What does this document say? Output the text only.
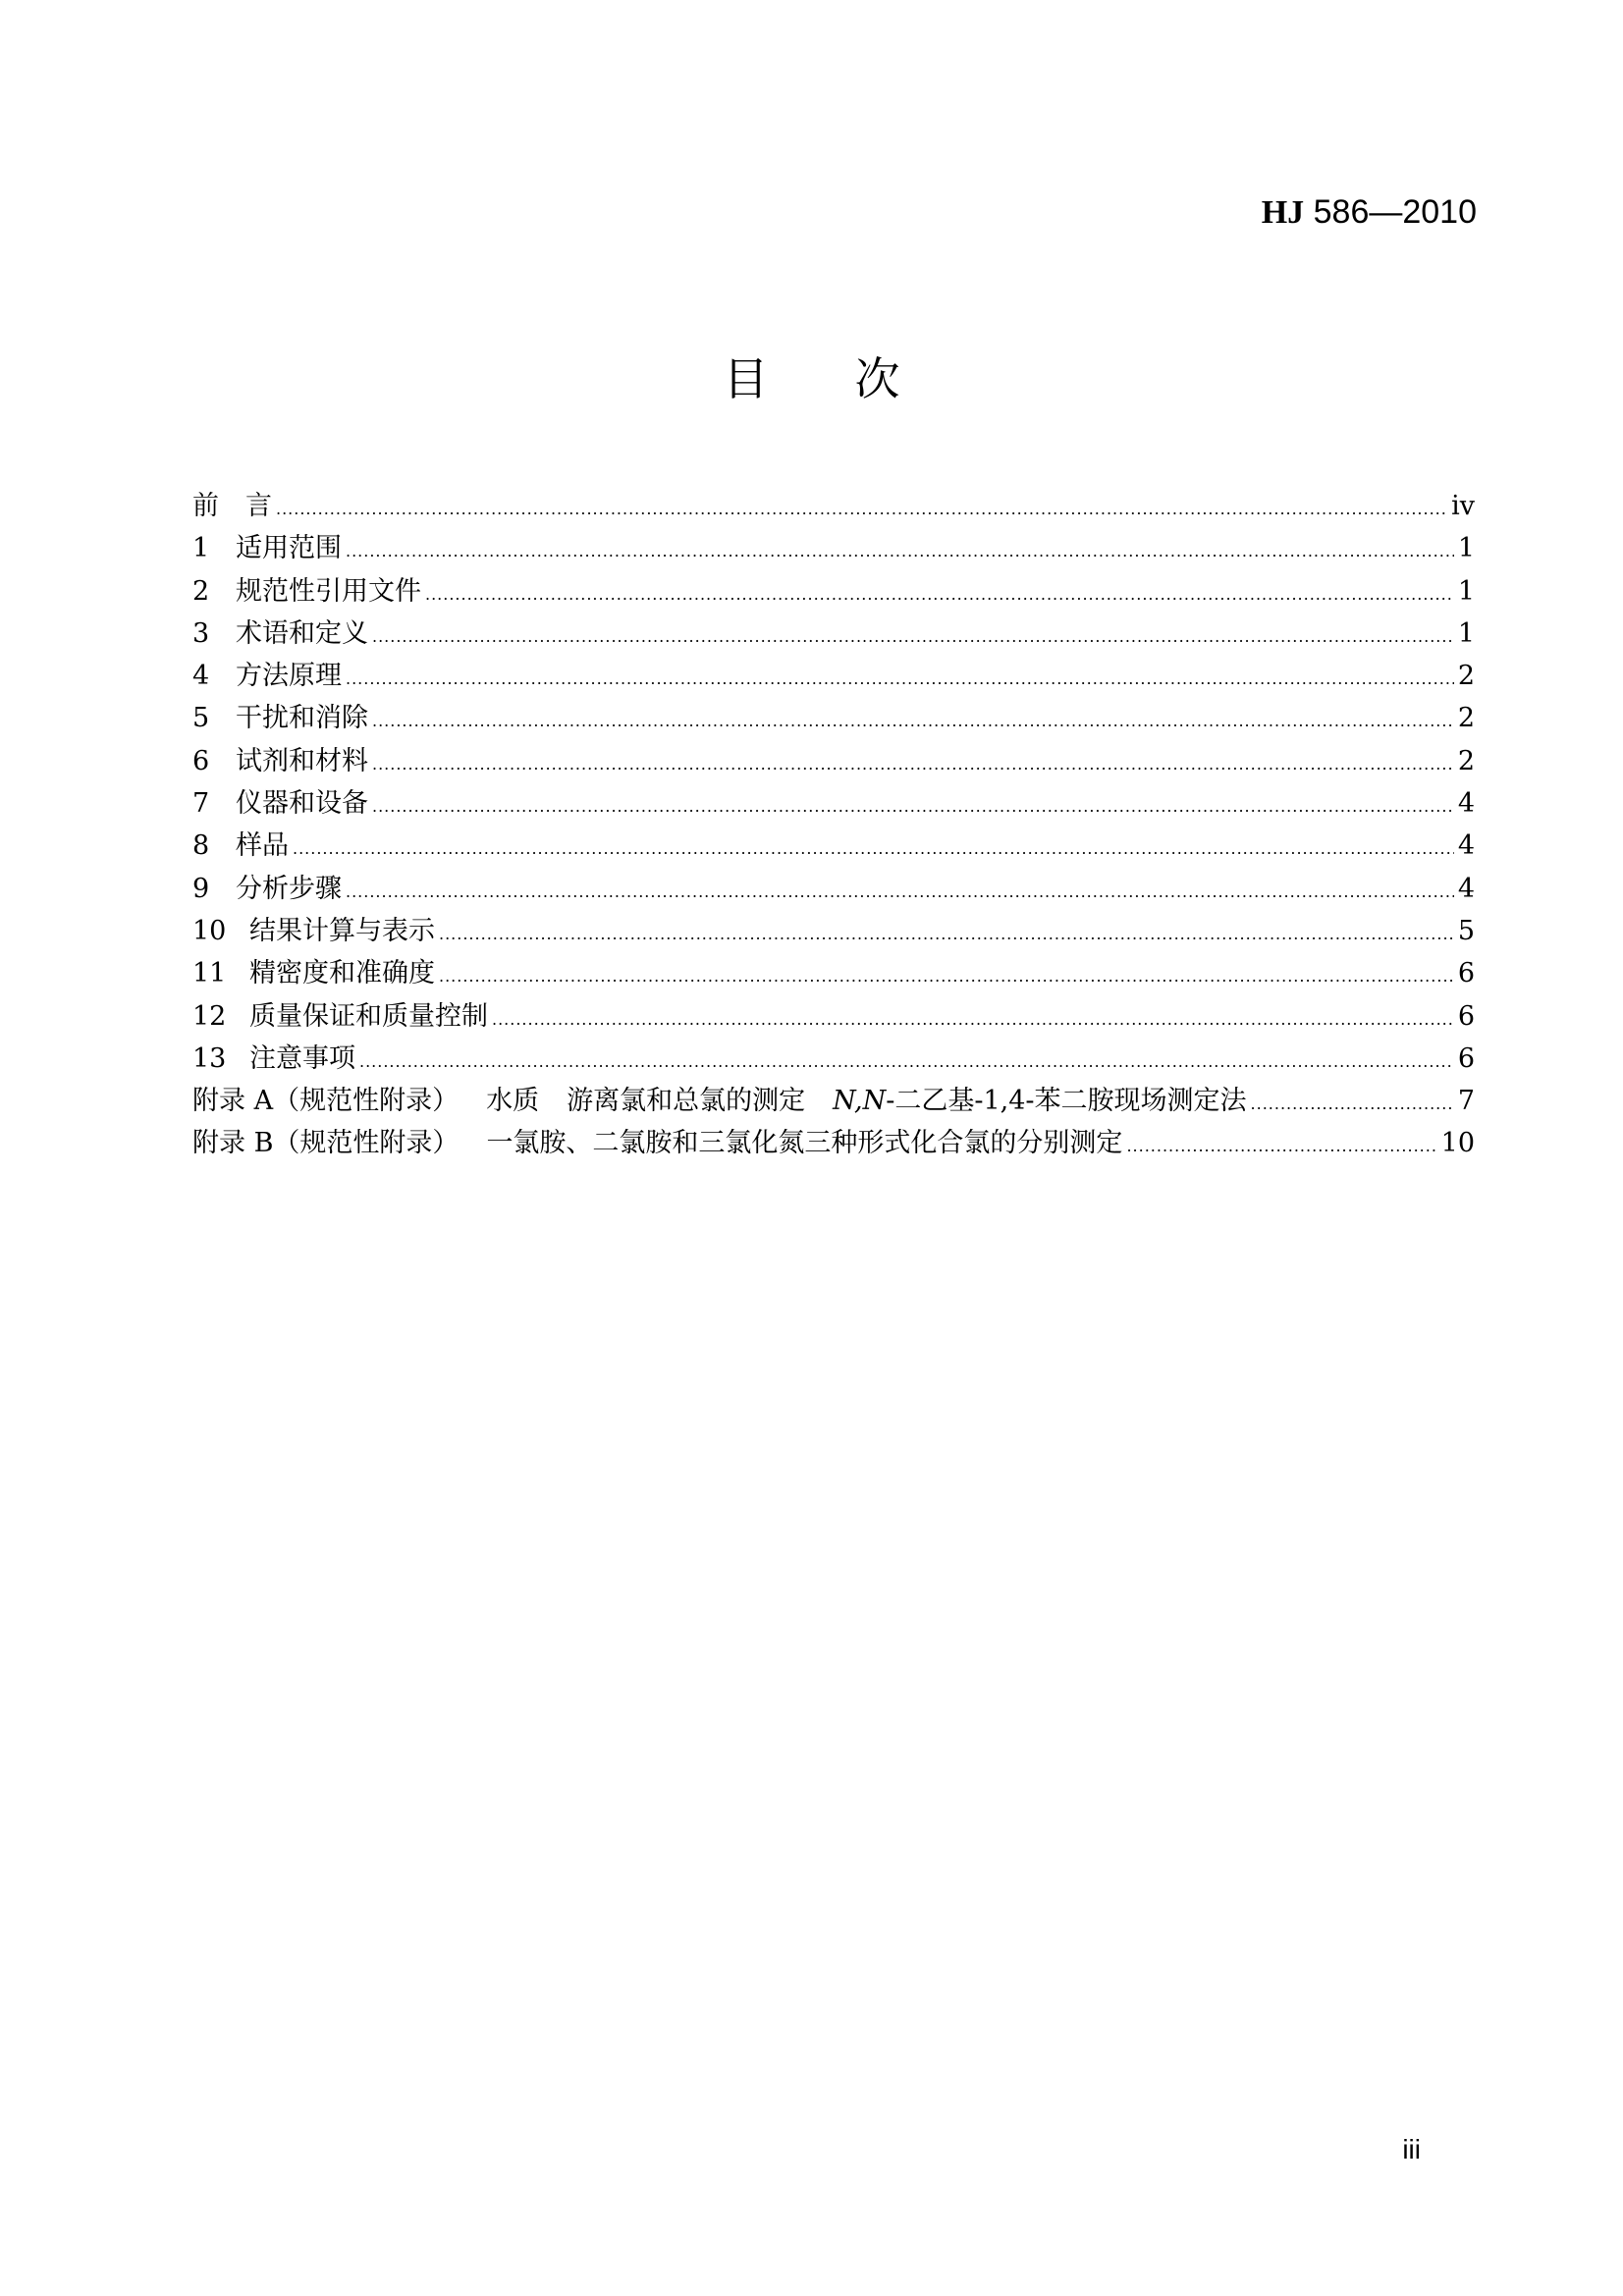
HJ 586—2010
目 次
前　言 .....	iv
1 适用范围 .....	1
2 规范性引用文件 .....	1
3 术语和定义 .....	1
4 方法原理 .....	2
5 干扰和消除 .....	2
6 试剂和材料 .....	2
7 仪器和设备 .....	4
8 样品 .....	4
9 分析步骤 .....	4
10 结果计算与表示 .....	5
11 精密度和准确度 .....	6
12 质量保证和质量控制 .....	6
13 注意事项 .....	6
附录 A（规范性附录） 水质 游离氯和总氯的测定 N,N-二乙基-1,4-苯二胺现场测定法 .....	7
附录 B（规范性附录） 一氯胺、二氯胺和三氯化氮三种形式化合氯的分别测定 .....	10
iii
